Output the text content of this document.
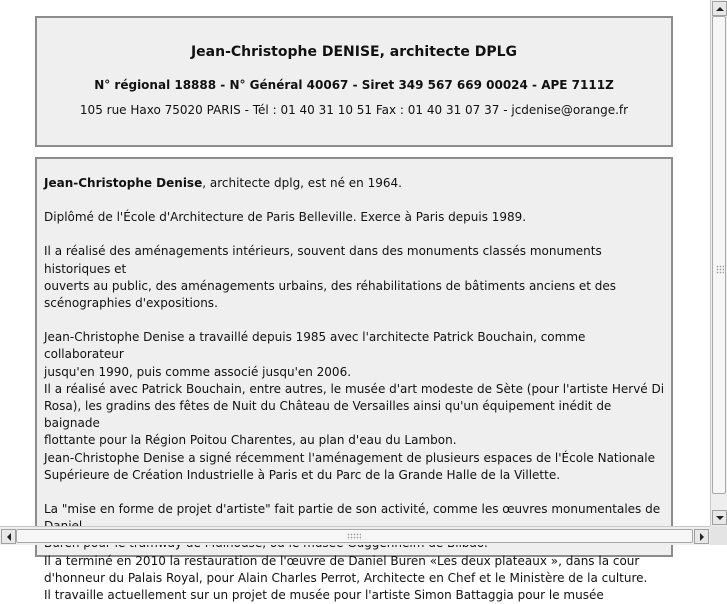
Jean-Christophe DENISE, architecte DPLG
N° régional 18888 - N° Général 40067 - Siret 349 567 669 00024 - APE 7111Z
105 rue Haxo 75020 PARIS - Tél : 01 40 31 10 51 Fax : 01 40 31 07 37 - jcdenise@orange.fr

Jean-Christophe Denise, architecte dplg, est né en 1964.

Diplômé de l'École d'Architecture de Paris Belleville. Exerce à Paris depuis 1989.

Il a réalisé des aménagements intérieurs, souvent dans des monuments classés monuments historiques et
ouverts au public, des aménagements urbains, des réhabilitations de bâtiments anciens et des
scénographies d'expositions.

Jean-Christophe Denise a travaillé depuis 1985 avec l'architecte Patrick Bouchain, comme collaborateur
jusqu'en 1990, puis comme associé jusqu'en 2006.
Il a réalisé avec Patrick Bouchain, entre autres, le musée d'art modeste de Sète (pour l'artiste Hervé Di
Rosa), les gradins des fêtes de Nuit du Château de Versailles ainsi qu'un équipement inédit de baignade
flottante pour la Région Poitou Charentes, au plan d'eau du Lambon.
Jean-Christophe Denise a signé récemment l'aménagement de plusieurs espaces de l'École Nationale
Supérieure de Création Industrielle à Paris et du Parc de la Grande Halle de la Villette.

La "mise en forme de projet d'artiste" fait partie de son activité, comme les œuvres monumentales de
Il a terminé en 2010 la restauration de l'œuvre de Daniel Buren «Les deux plateaux », dans la cour
d'honneur du Palais Royal, pour Alain Charles Perrot, Architecte en Chef et le Ministère de la culture.
Il travaille actuellement sur un projet de musée pour l'artiste Simon Battaggia pour le musée
